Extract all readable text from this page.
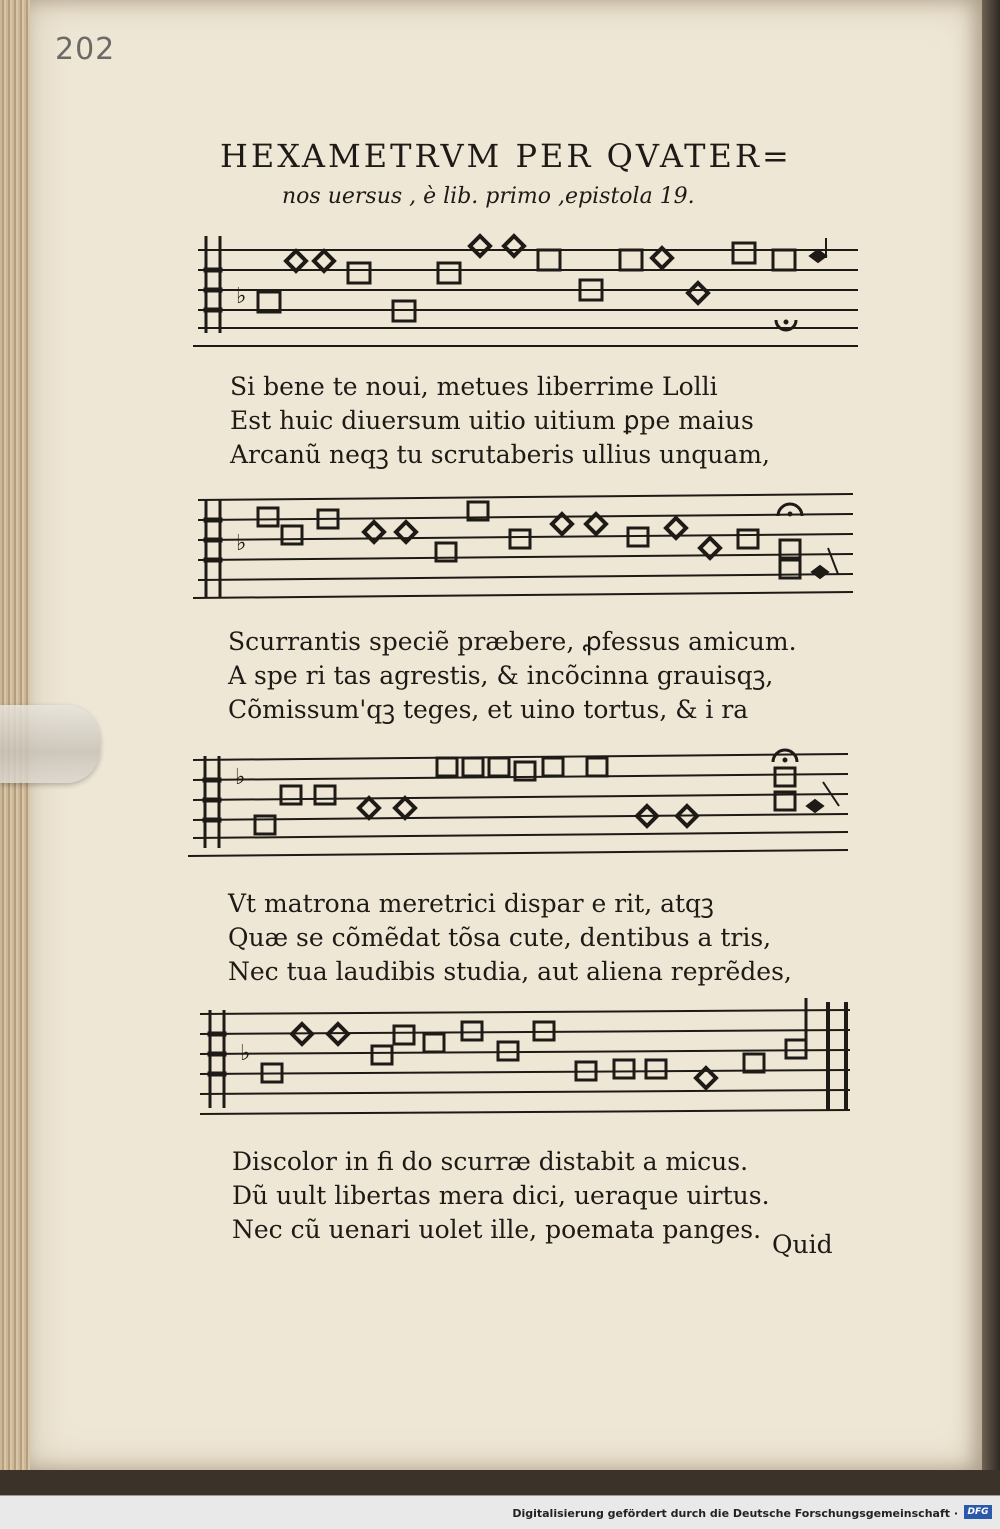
202
HEXAMETRVM PER QVATER=
nos uersus , è lib. primo ,epistola 19.
♭
Si bene te noui, metues liberrime Lolli
Est huic diuersum uitio uitium ꝑpe maius
Arcanũ neqꝫ tu scrutaberis ullius unquam,
♭
Scurrantis speciẽ præbere, ꝓfessus amicum.
A spe ri tas agrestis, & incõcinna grauisqꝫ,
Cõmissum'qꝫ teges, et uino tortus, & i ra
♭
Vt matrona meretrici dispar e rit, atqꝫ
Quæ se cõmẽdat tõsa cute, dentibus a tris,
Nec tua laudibis studia, aut aliena reprẽdes,
♭
Discolor in fi do scurræ distabit a micus.
Dũ uult libertas mera dici, ueraque uirtus.
Nec cũ uenari uolet ille, poemata panges.
Quid
Digitalisierung gefördert durch die Deutsche Forschungsgemeinschaft ·	DFG
